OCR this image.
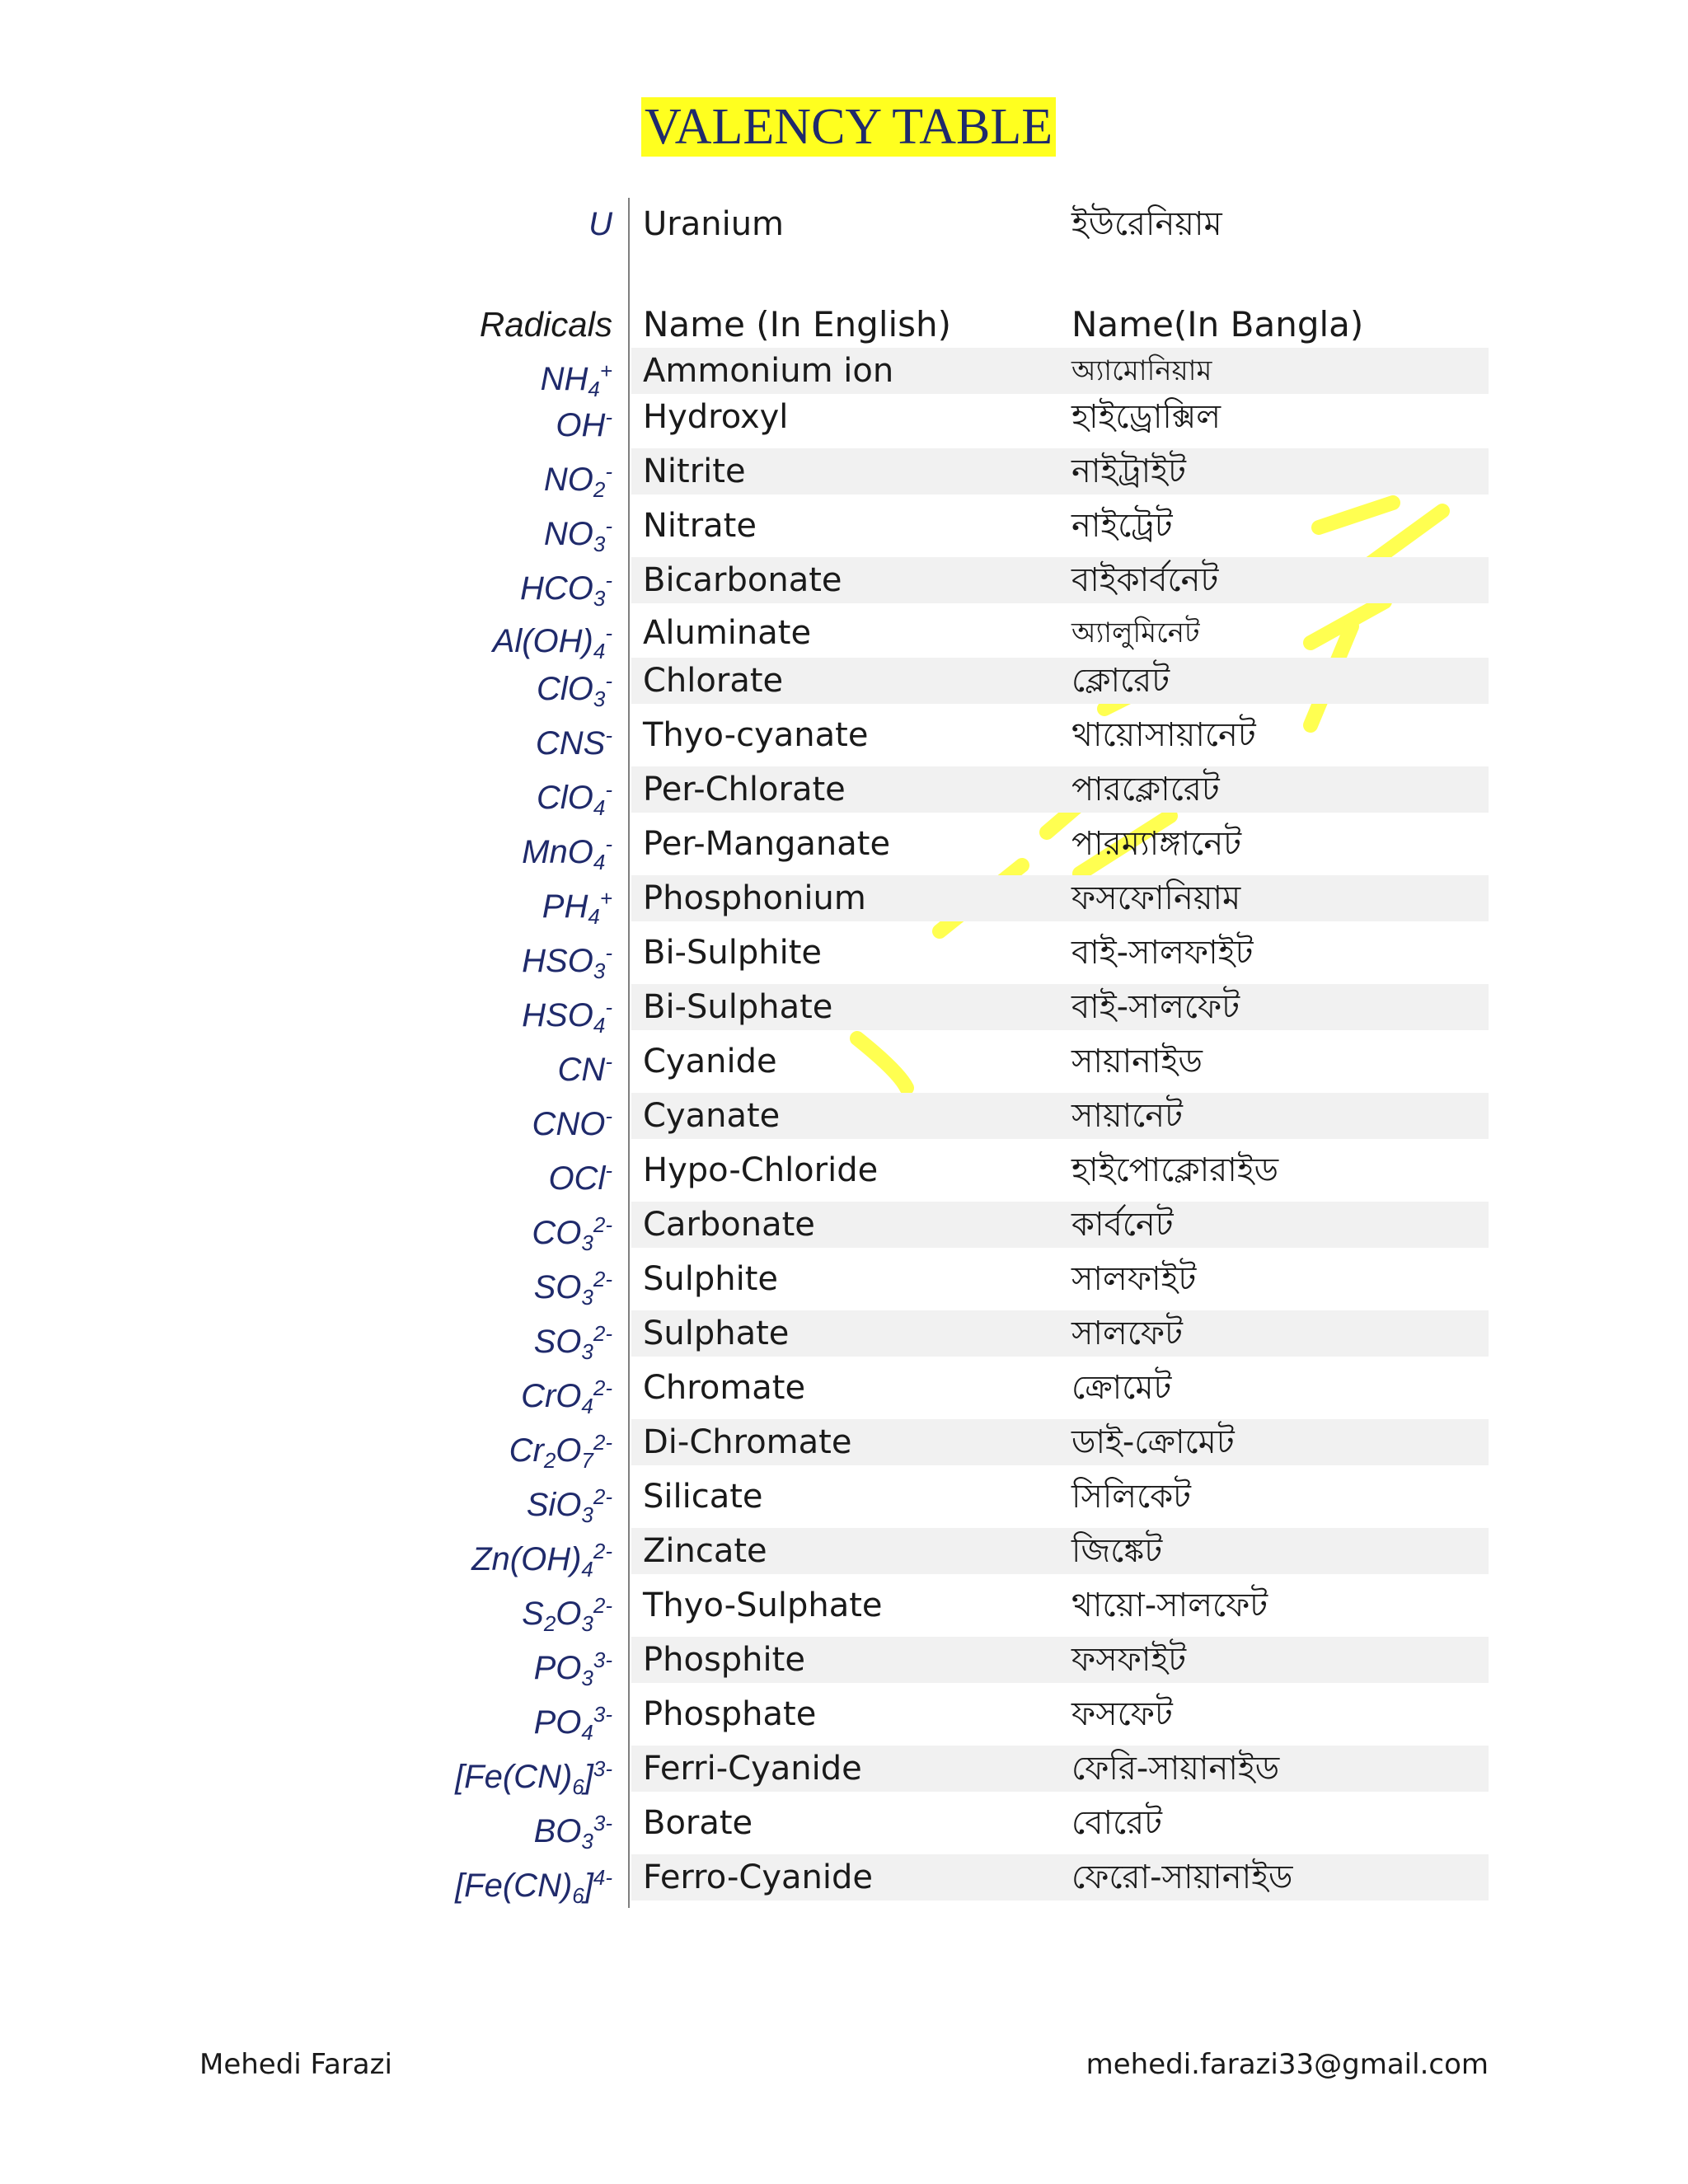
VALENCY TABLE
U Uranium	ইউরেনিয়াম
Radicals Name (In English)	Name(In Bangla)
$NH_4^+$ Ammonium ion	অ্যামোনিয়াম
OH- Hydroxyl	হাইড্রোক্সিল
$NO_2^-$ Nitrite	নাইট্রাইট
$NO_3^-$ Nitrate	নাইট্রেট
$HCO_3^-$ Bicarbonate	বাইকার্বনেট
$Al(OH)_4^-$ Aluminate	অ্যালুমিনেট
ClO$_3$- Chlorate	ক্লোরেট
CNS- Thyo-cyanate	থায়োসায়ানেট
ClO$_4$- Per-Chlorate	পারক্লোরেট
MnO$_4$- Per-Manganate	পারম্যাঙ্গানেট
$PH_4^+$ Phosphonium	ফসফোনিয়াম
$HSO_3^-$ Bi-Sulphite	বাই-সালফাইট
$HSO_4^-$ Bi-Sulphate	বাই-সালফেট
CN- Cyanide	সায়ানাইড
CNO- Cyanate	সায়ানেট
OCl- Hypo-Chloride	হাইপোক্লোরাইড
$CO_3^{2-}$ Carbonate	কার্বনেট
$SO_3^{2-}$ Sulphite	সালফাইট
$SO_3^{2-}$ Sulphate	সালফেট
CrO$_4^{2-}$ Chromate	ক্রোমেট
$Cr_2O_7^{2-}$ Di-Chromate	ডাই-ক্রোমেট
SiO$_3^{2-}$ Silicate	সিলিকেট
$Zn(OH)_4^{2-}$ Zincate	জিঙ্কেট
$S_2O_3^{2-}$ Thyo-Sulphate	থায়ো-সালফেট
$PO_3^{3-}$ Phosphite	ফসফাইট
$PO_4^{3-}$ Phosphate	ফসফেট
$[Fe(CN)_6]^{3-}$ Ferri-Cyanide	ফেরি-সায়ানাইড
$BO_3^{3-}$ Borate	বোরেট
$[Fe(CN)_6]^{4-}$ Ferro-Cyanide	ফেরো-সায়ানাইড
Mehedi Farazi	mehedi.farazi33@gmail.com
